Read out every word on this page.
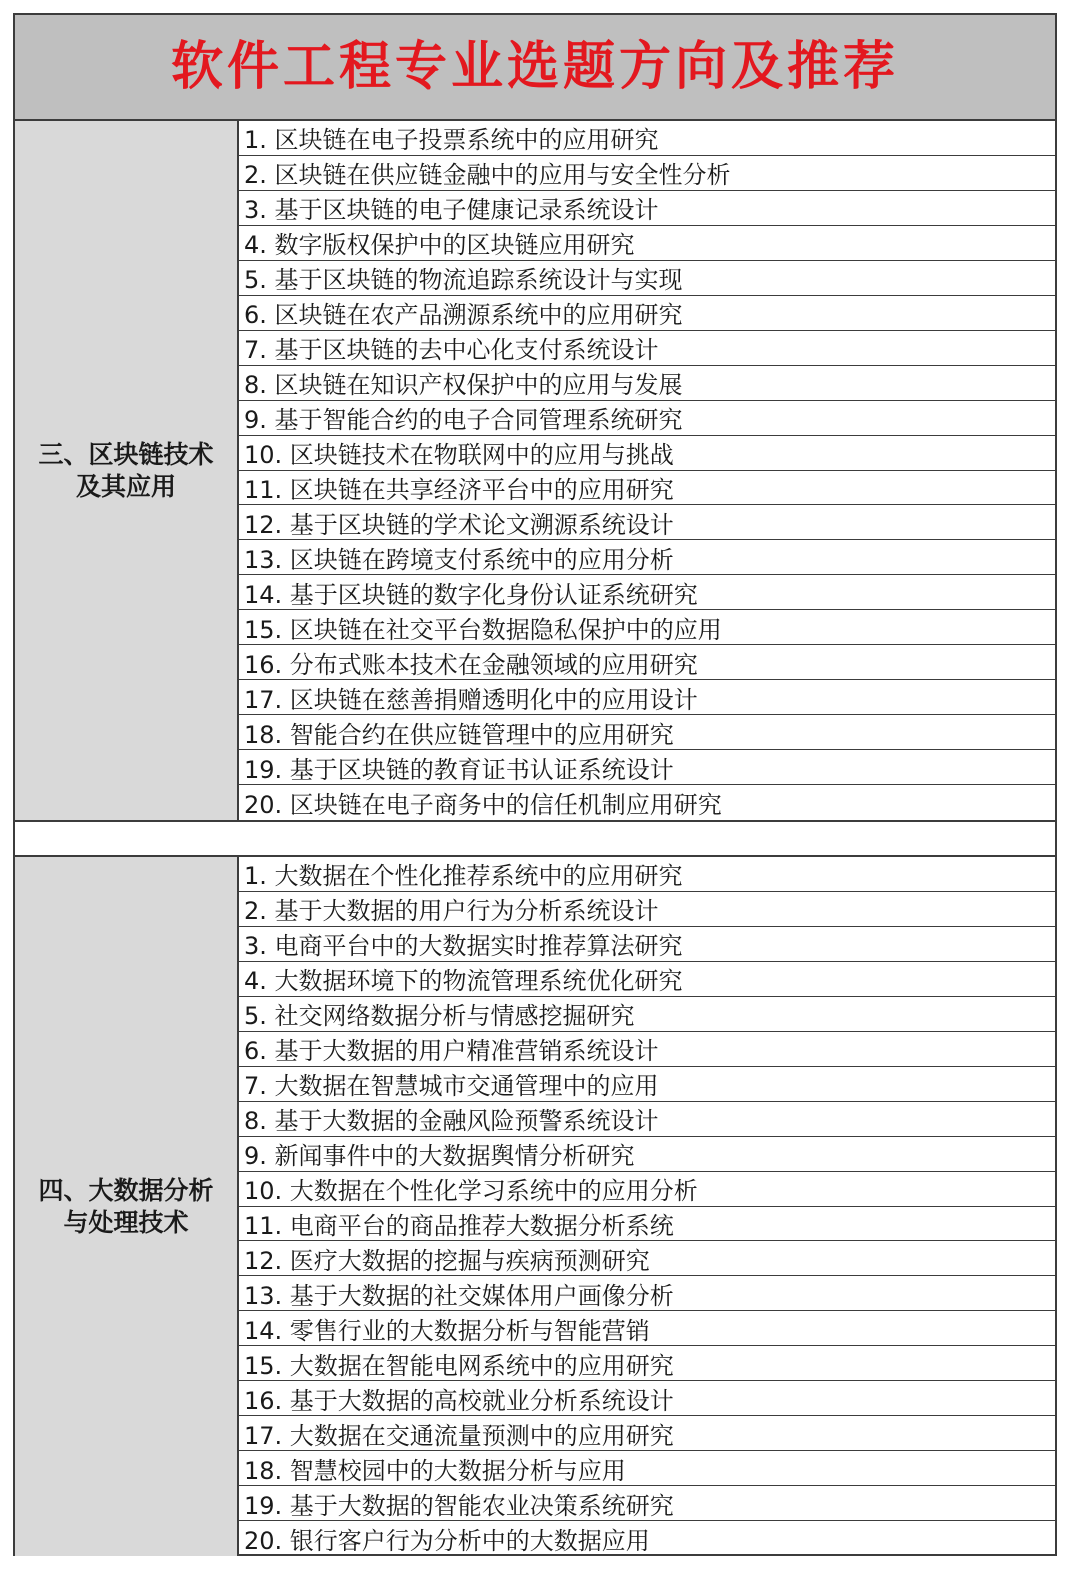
软件工程专业选题方向及推荐
三、区块链技术
及其应用
1. 区块链在电子投票系统中的应用研究
2. 区块链在供应链金融中的应用与安全性分析
3. 基于区块链的电子健康记录系统设计
4. 数字版权保护中的区块链应用研究
5. 基于区块链的物流追踪系统设计与实现
6. 区块链在农产品溯源系统中的应用研究
7. 基于区块链的去中心化支付系统设计
8. 区块链在知识产权保护中的应用与发展
9. 基于智能合约的电子合同管理系统研究
10. 区块链技术在物联网中的应用与挑战
11. 区块链在共享经济平台中的应用研究
12. 基于区块链的学术论文溯源系统设计
13. 区块链在跨境支付系统中的应用分析
14. 基于区块链的数字化身份认证系统研究
15. 区块链在社交平台数据隐私保护中的应用
16. 分布式账本技术在金融领域的应用研究
17. 区块链在慈善捐赠透明化中的应用设计
18. 智能合约在供应链管理中的应用研究
19. 基于区块链的教育证书认证系统设计
20. 区块链在电子商务中的信任机制应用研究
四、大数据分析
与处理技术
1. 大数据在个性化推荐系统中的应用研究
2. 基于大数据的用户行为分析系统设计
3. 电商平台中的大数据实时推荐算法研究
4. 大数据环境下的物流管理系统优化研究
5. 社交网络数据分析与情感挖掘研究
6. 基于大数据的用户精准营销系统设计
7. 大数据在智慧城市交通管理中的应用
8. 基于大数据的金融风险预警系统设计
9. 新闻事件中的大数据舆情分析研究
10. 大数据在个性化学习系统中的应用分析
11. 电商平台的商品推荐大数据分析系统
12. 医疗大数据的挖掘与疾病预测研究
13. 基于大数据的社交媒体用户画像分析
14. 零售行业的大数据分析与智能营销
15. 大数据在智能电网系统中的应用研究
16. 基于大数据的高校就业分析系统设计
17. 大数据在交通流量预测中的应用研究
18. 智慧校园中的大数据分析与应用
19. 基于大数据的智能农业决策系统研究
20. 银行客户行为分析中的大数据应用
